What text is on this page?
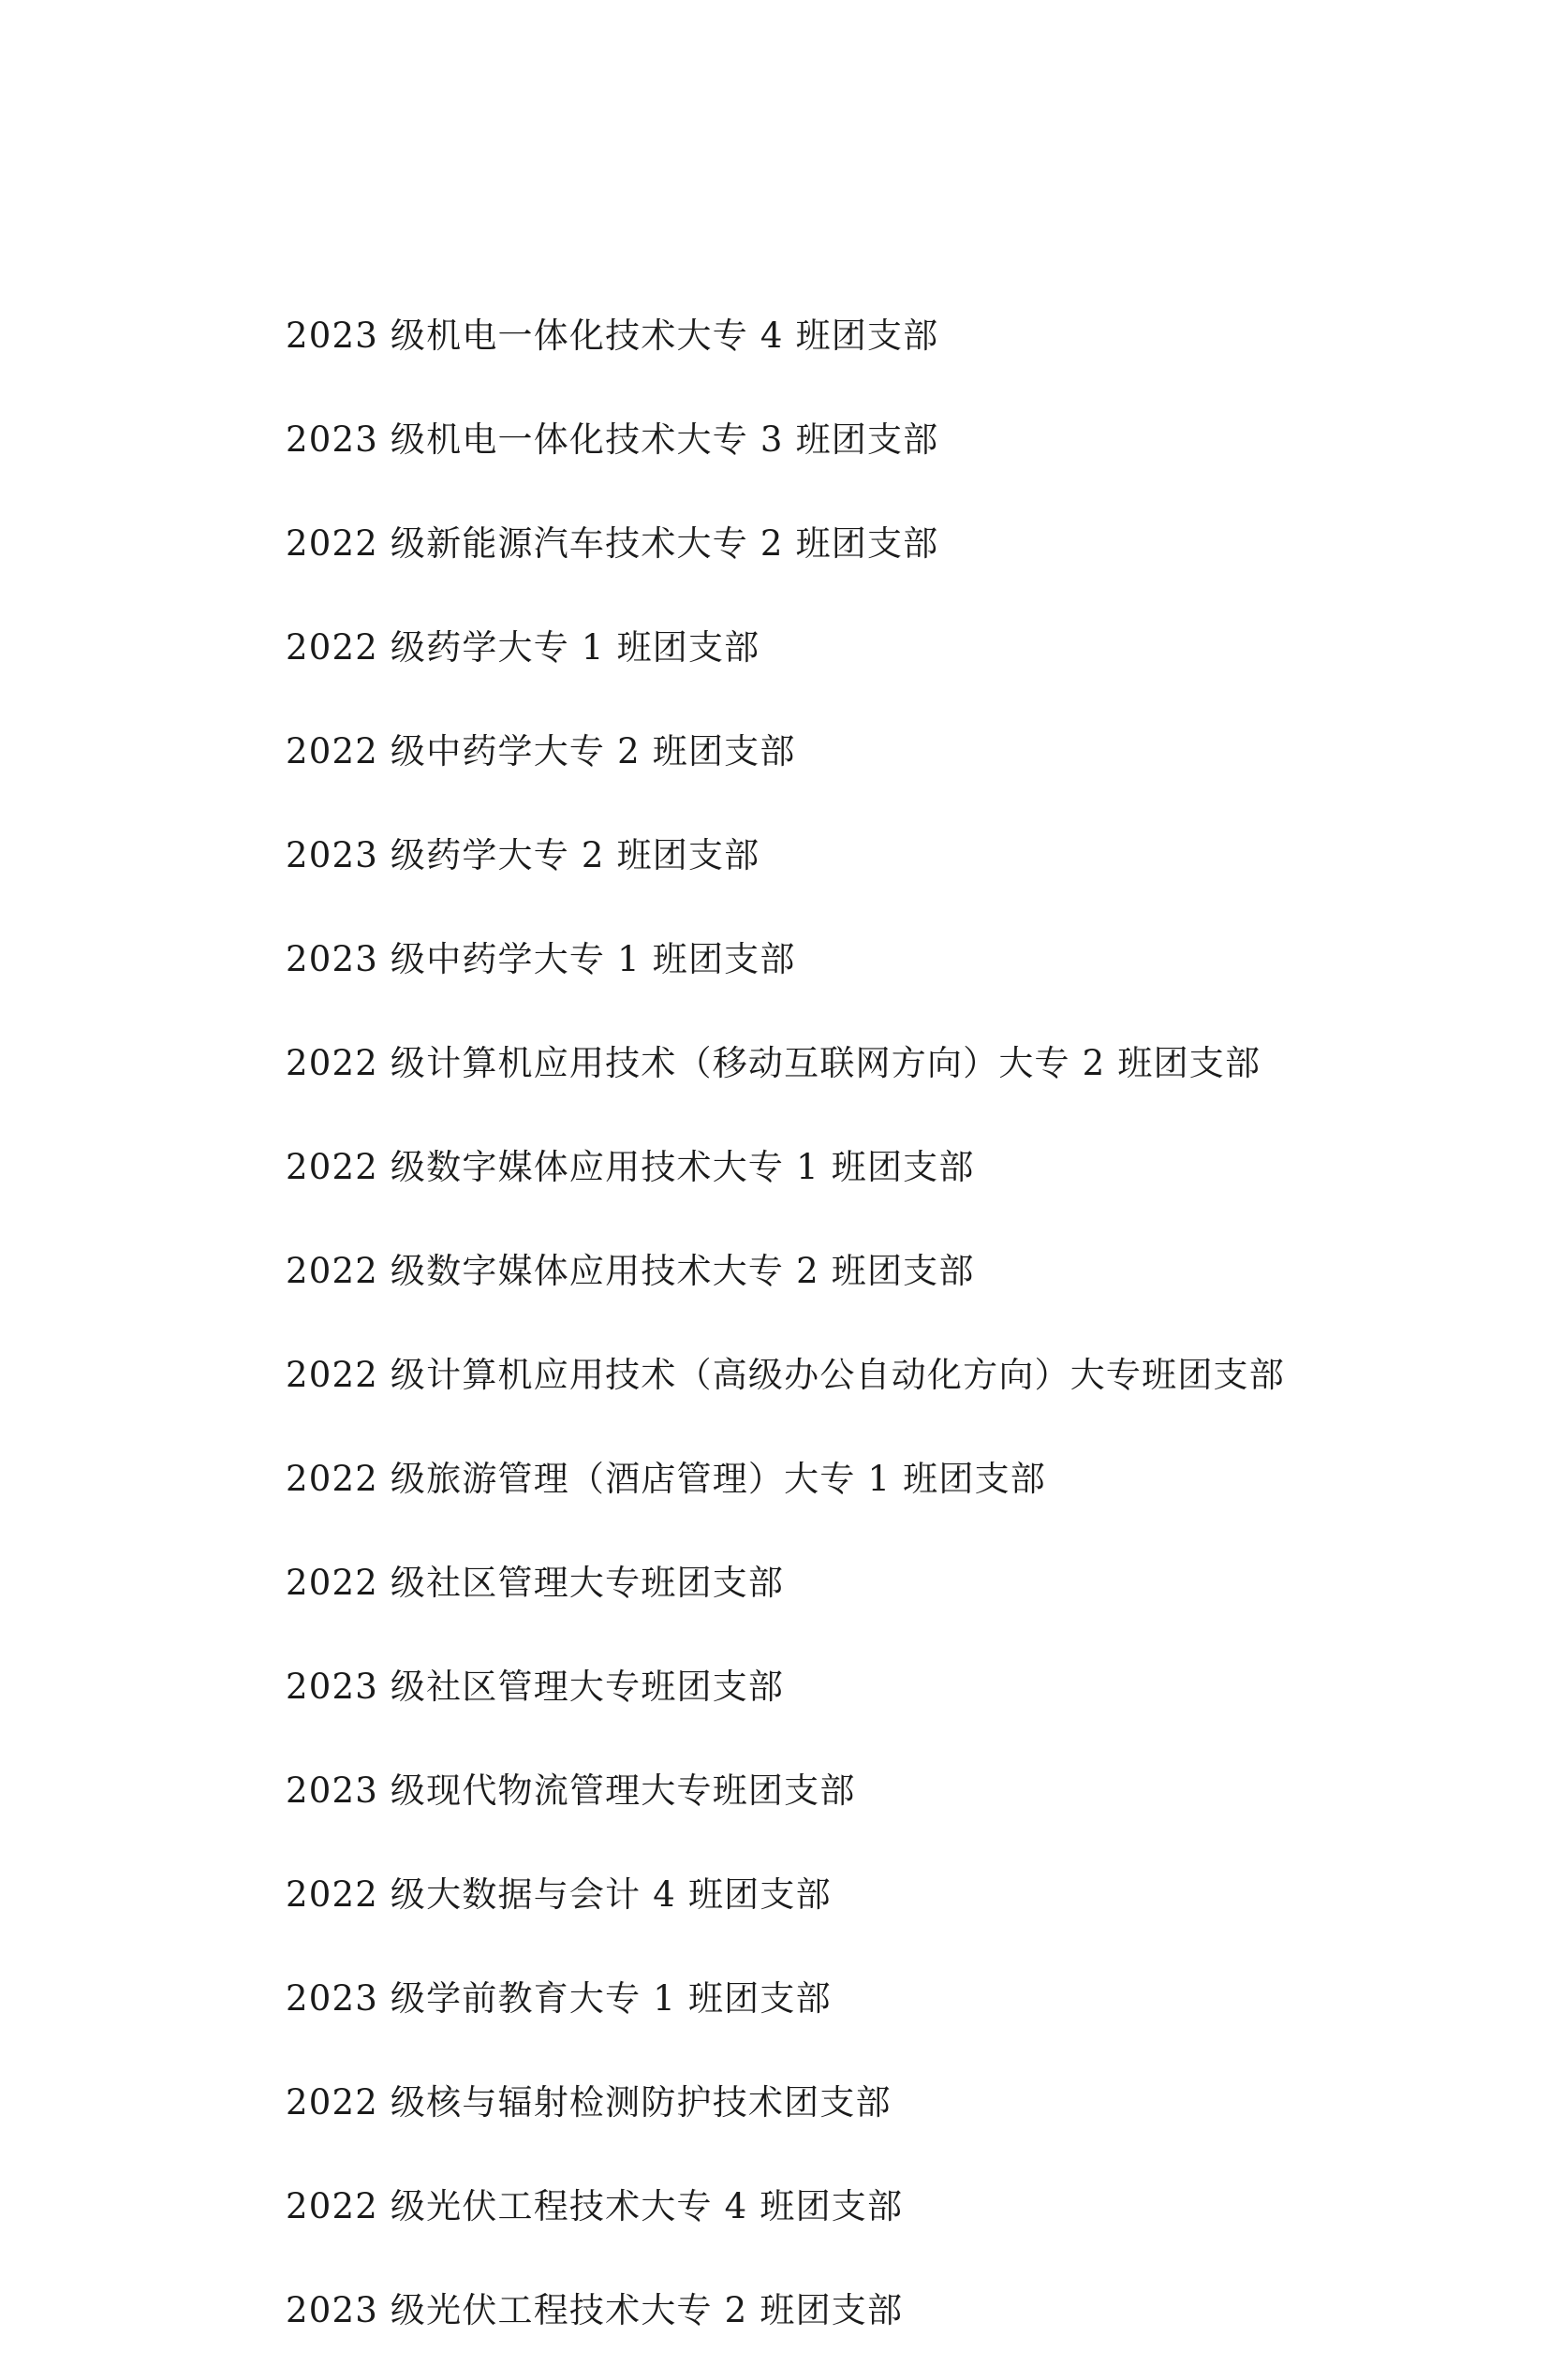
2023 级机电一体化技术大专 4 班团支部

2023 级机电一体化技术大专 3 班团支部

2022 级新能源汽车技术大专 2 班团支部

2022 级药学大专 1 班团支部

2022 级中药学大专 2 班团支部

2023 级药学大专 2 班团支部

2023 级中药学大专 1 班团支部

2022 级计算机应用技术（移动互联网方向）大专 2 班团支部

2022 级数字媒体应用技术大专 1 班团支部

2022 级数字媒体应用技术大专 2 班团支部

2022 级计算机应用技术（高级办公自动化方向）大专班团支部

2022 级旅游管理（酒店管理）大专 1 班团支部

2022 级社区管理大专班团支部

2023 级社区管理大专班团支部

2023 级现代物流管理大专班团支部

2022 级大数据与会计 4 班团支部

2023 级学前教育大专 1 班团支部

2022 级核与辐射检测防护技术团支部

2022 级光伏工程技术大专 4 班团支部

2023 级光伏工程技术大专 2 班团支部
